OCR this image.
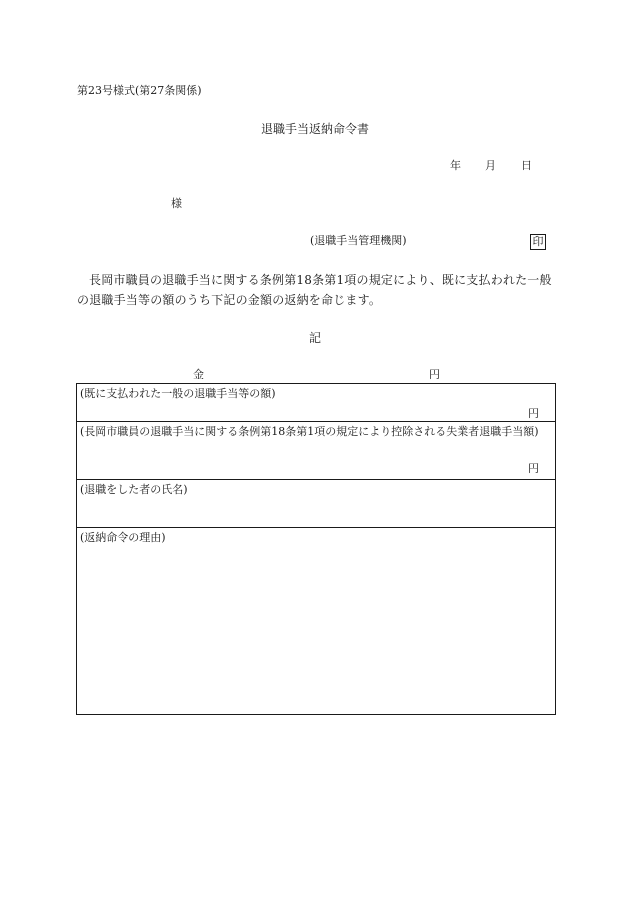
第23号様式(第27条関係)
退職手当返納命令書
年 月 日
様
(退職手当管理機関)	印
長岡市職員の退職手当に関する条例第18条第1項の規定により、既に支払われた一般の退職手当等の額のうち下記の金額の返納を命じます。
記
金	円
(既に支払われた一般の退職手当等の額)
円
(長岡市職員の退職手当に関する条例第18条第1項の規定により控除される失業者退職手当額)
円
(退職をした者の氏名)
(返納命令の理由)
